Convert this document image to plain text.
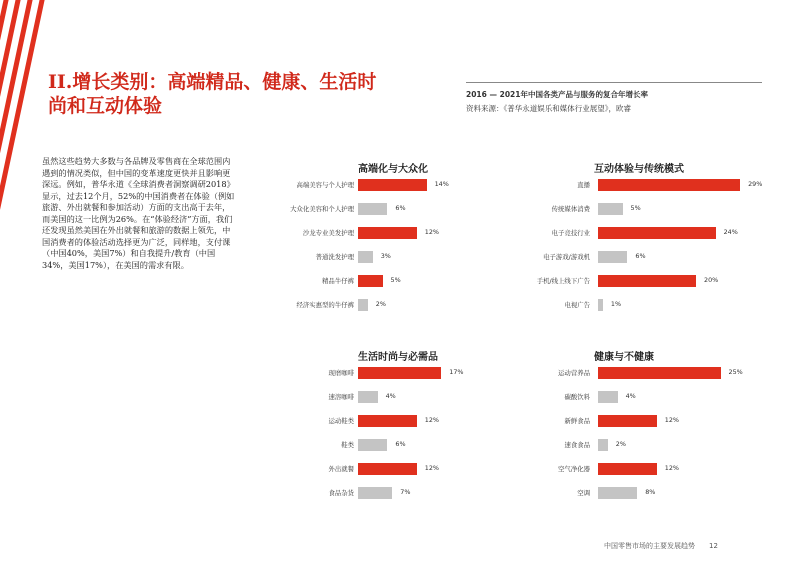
II.增长类别：高端精品、健康、生活时尚和互动体验
2016 — 2021年中国各类产品与服务的复合年增长率
资料来源：《普华永道娱乐和媒体行业展望》，欧睿

虽然这些趋势大多数与各品牌及零售商在全球范围内遇到的情况类似，但中国的变革速度更快并且影响更深远。例如，普华永道《全球消费者洞察调研2018》显示，过去12个月，52%的中国消费者在体验（例如旅游、外出就餐和参加活动）方面的支出高于去年，而美国的这一比例为26%。在“体验经济”方面，我们还发现虽然美国在外出就餐和旅游的数据上领先，中国消费者的体验活动选择更为广泛，同样地，支付课（中国40%，美国7%）和自我提升/教育（中国34%，美国17%），在美国的需求有限。

高端化与大众化
高端美容与个人护理	14%
大众化美容和个人护理	6%
沙龙专业美发护理	12%
普通洗发护理	3%
精品牛仔裤	5%
经济实惠型的牛仔裤	2%
互动体验与传统模式
直播	29%
传统媒体消费	5%
电子竞技行业	24%
电子游戏/游戏机	6%
手机/线上线下广告	20%
电视广告	1%
生活时尚与必需品
现磨咖啡	17%
速溶咖啡	4%
运动鞋类	12%
鞋类	6%
外出就餐	12%
食品杂货	7%
健康与不健康
运动营养品	25%
碳酸饮料	4%
新鲜食品	12%
速食食品	2%
空气净化器	12%
空调	8%
中国零售市场的主要发展趋势 12
